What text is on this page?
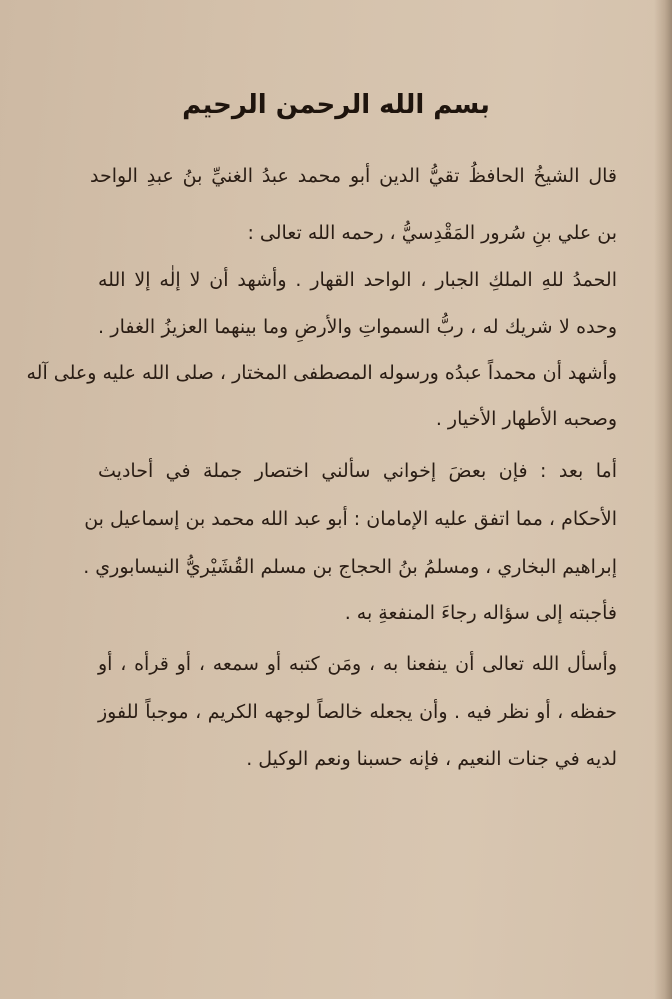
بسم الله الرحمن الرحيم
قال الشيخُ الحافظُ تقيُّ الدين أبو محمد عبدُ الغنيِّ بنُ عبدِ الواحد
بن علي بنِ سُرور المَقْدِسيُّ ، رحمه الله تعالى :
الحمدُ للهِ الملكِ الجبار ، الواحد القهار . وأشهد أن لا إلٰه إلا الله
وحده لا شريك له ، ربُّ السمواتِ والأرضِ وما بينهما العزيزُ الغفار .
وأشهد أن محمداً عبدُه ورسوله المصطفى المختار ، صلى الله عليه وعلى آله
وصحبه الأطهار الأخيار .
أما بعد : فإن بعضَ إخواني سألني اختصار جملة في أحاديث
الأحكام ، مما اتفق عليه الإمامان : أبو عبد الله محمد بن إسماعيل بن
إبراهيم البخاري ، ومسلمُ بنُ الحجاج بن مسلم القُشَيْريُّ النيسابوري .
فأجبته إلى سؤاله رجاءَ المنفعةِ به .
وأسأل الله تعالى أن ينفعنا به ، ومَن كتبه أو سمعه ، أو قرأه ، أو
حفظه ، أو نظر فيه . وأن يجعله خالصاً لوجهه الكريم ، موجباً للفوز
لديه في جنات النعيم ، فإنه حسبنا ونعم الوكيل .
